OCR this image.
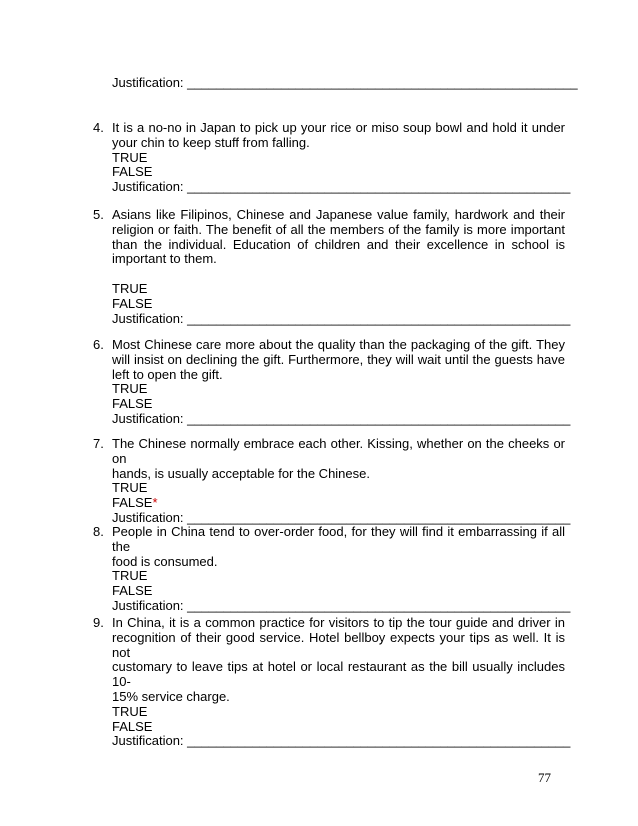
Justification: ______________________________________________________
4. It is a no-no in Japan to pick up your rice or miso soup bowl and hold it under
your chin to keep stuff from falling.
TRUE
FALSE
Justification: _____________________________________________________
5. Asians like Filipinos, Chinese and Japanese value family, hardwork and their
religion or faith. The benefit of all the members of the family is more important
than the individual. Education of children and their excellence in school is
important to them.
TRUE
FALSE
Justification: _____________________________________________________
6. Most Chinese care more about the quality than the packaging of the gift. They
will insist on declining the gift. Furthermore, they will wait until the guests have
left to open the gift.
TRUE
FALSE
Justification: _____________________________________________________
7. The Chinese normally embrace each other. Kissing, whether on the cheeks or on
hands, is usually acceptable for the Chinese.
TRUE
FALSE*
Justification: _____________________________________________________
8. People in China tend to over-order food, for they will find it embarrassing if all the
food is consumed.
TRUE
FALSE
Justification: _____________________________________________________
9. In China, it is a common practice for visitors to tip the tour guide and driver in
recognition of their good service. Hotel bellboy expects your tips as well. It is not
customary to leave tips at hotel or local restaurant as the bill usually includes 10-
15% service charge.
TRUE
FALSE
Justification: _____________________________________________________
77
